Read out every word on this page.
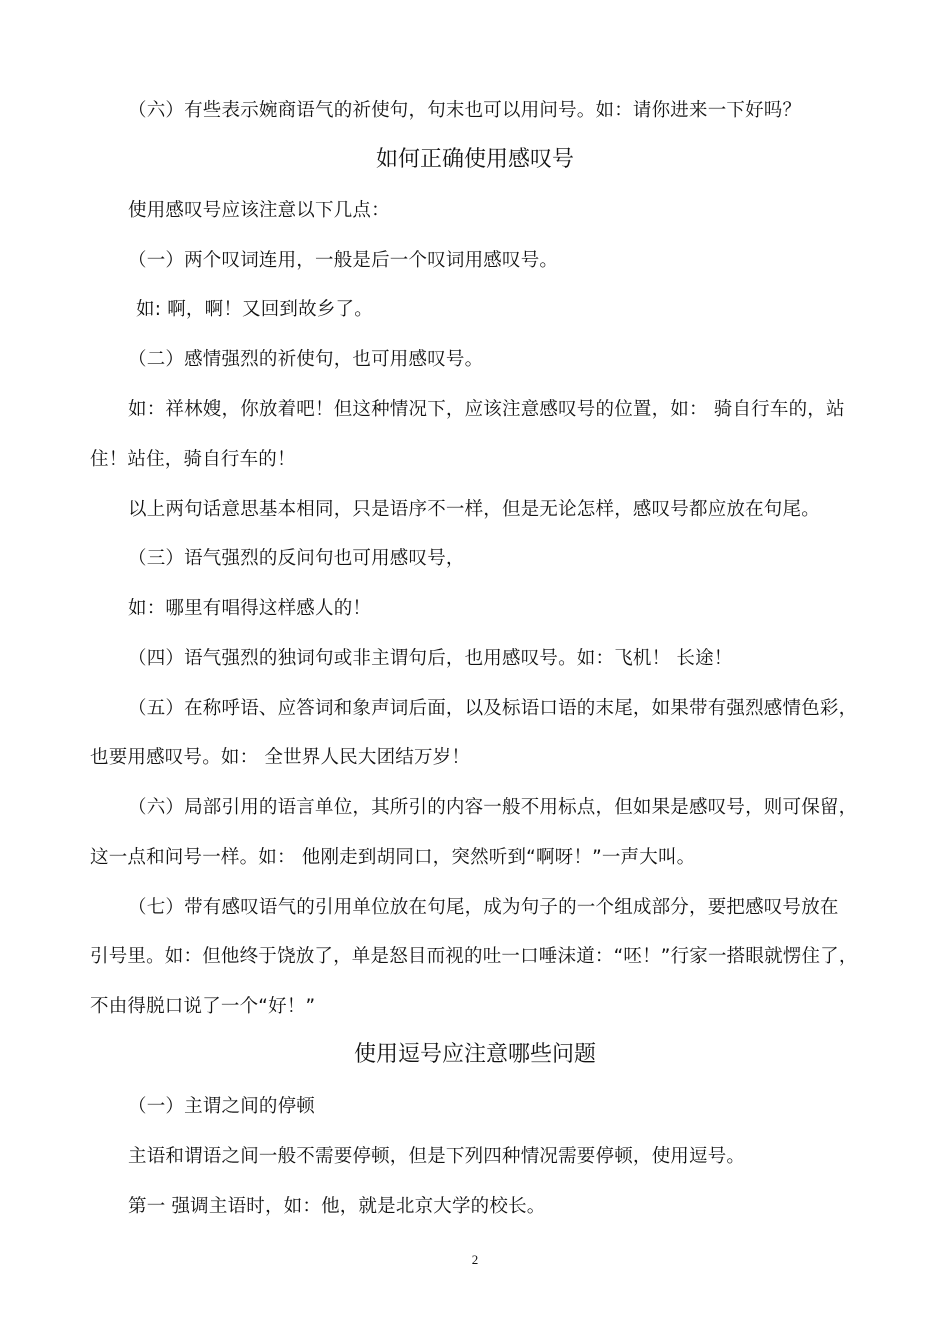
（六）有些表示婉商语气的祈使句，句末也可以用问号。如：请你进来一下好吗？
如何正确使用感叹号
使用感叹号应该注意以下几点：
（一）两个叹词连用，一般是后一个叹词用感叹号。
如: 啊，啊！又回到故乡了。
（二）感情强烈的祈使句，也可用感叹号。
如：祥林嫂，你放着吧！但这种情况下，应该注意感叹号的位置，如： 骑自行车的，站
住！站住，骑自行车的！
以上两句话意思基本相同，只是语序不一样，但是无论怎样，感叹号都应放在句尾。
（三）语气强烈的反问句也可用感叹号，
如：哪里有唱得这样感人的！
（四）语气强烈的独词句或非主谓句后，也用感叹号。如：飞机！ 长途！
（五）在称呼语、应答词和象声词后面，以及标语口语的末尾，如果带有强烈感情色彩，
也要用感叹号。如： 全世界人民大团结万岁！
（六）局部引用的语言单位，其所引的内容一般不用标点，但如果是感叹号，则可保留，
这一点和问号一样。如： 他刚走到胡同口，突然听到“啊呀！”一声大叫。
（七）带有感叹语气的引用单位放在句尾，成为句子的一个组成部分，要把感叹号放在
引号里。如：但他终于饶放了，单是怒目而视的吐一口唾沫道：“呸！”行家一搭眼就愣住了，
不由得脱口说了一个“好！”
使用逗号应注意哪些问题
（一）主谓之间的停顿
主语和谓语之间一般不需要停顿，但是下列四种情况需要停顿，使用逗号。
第一 强调主语时，如：他，就是北京大学的校长。
2
